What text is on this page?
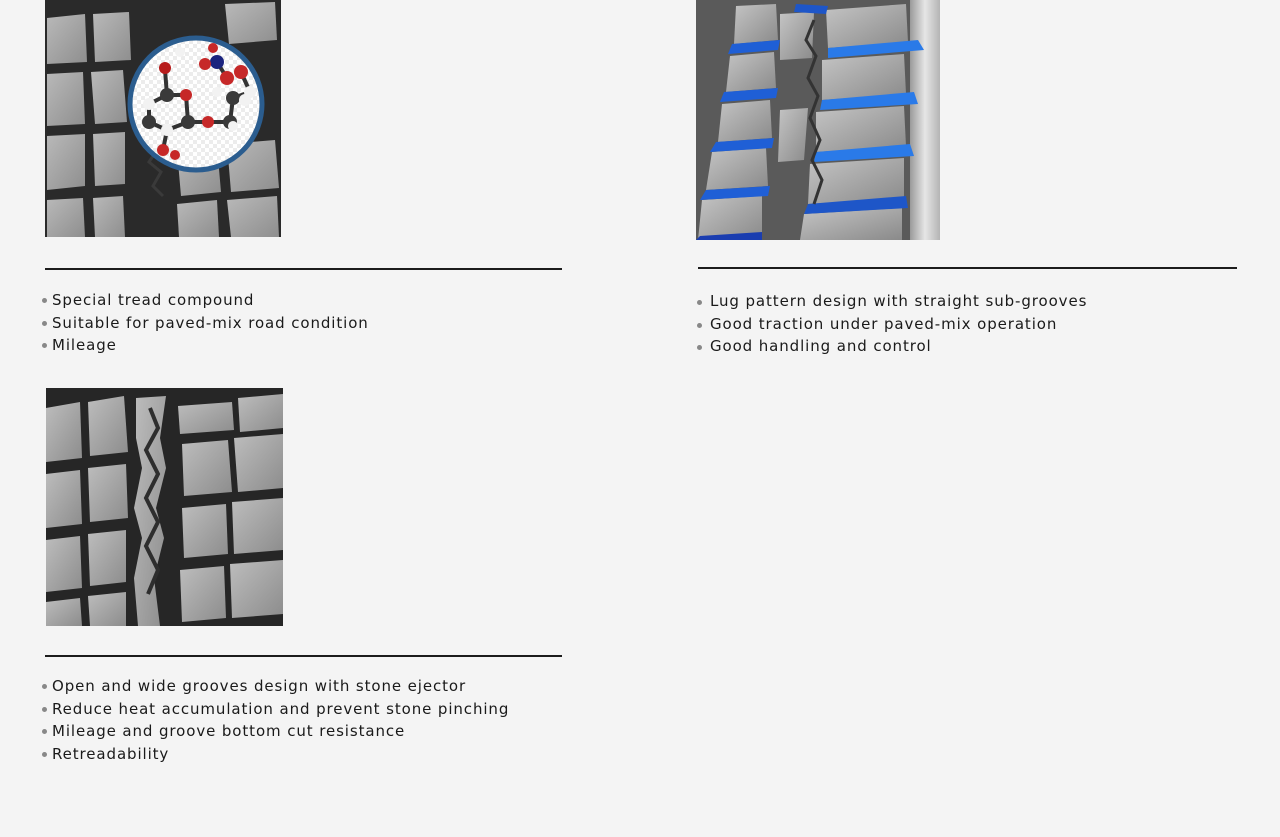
Special tread compound
Suitable for paved-mix road condition
Mileage
Lug pattern design with straight sub-grooves
Good traction under paved-mix operation
Good handling and control
Open and wide grooves design with stone ejector
Reduce heat accumulation and prevent stone pinching
Mileage and groove bottom cut resistance
Retreadability
